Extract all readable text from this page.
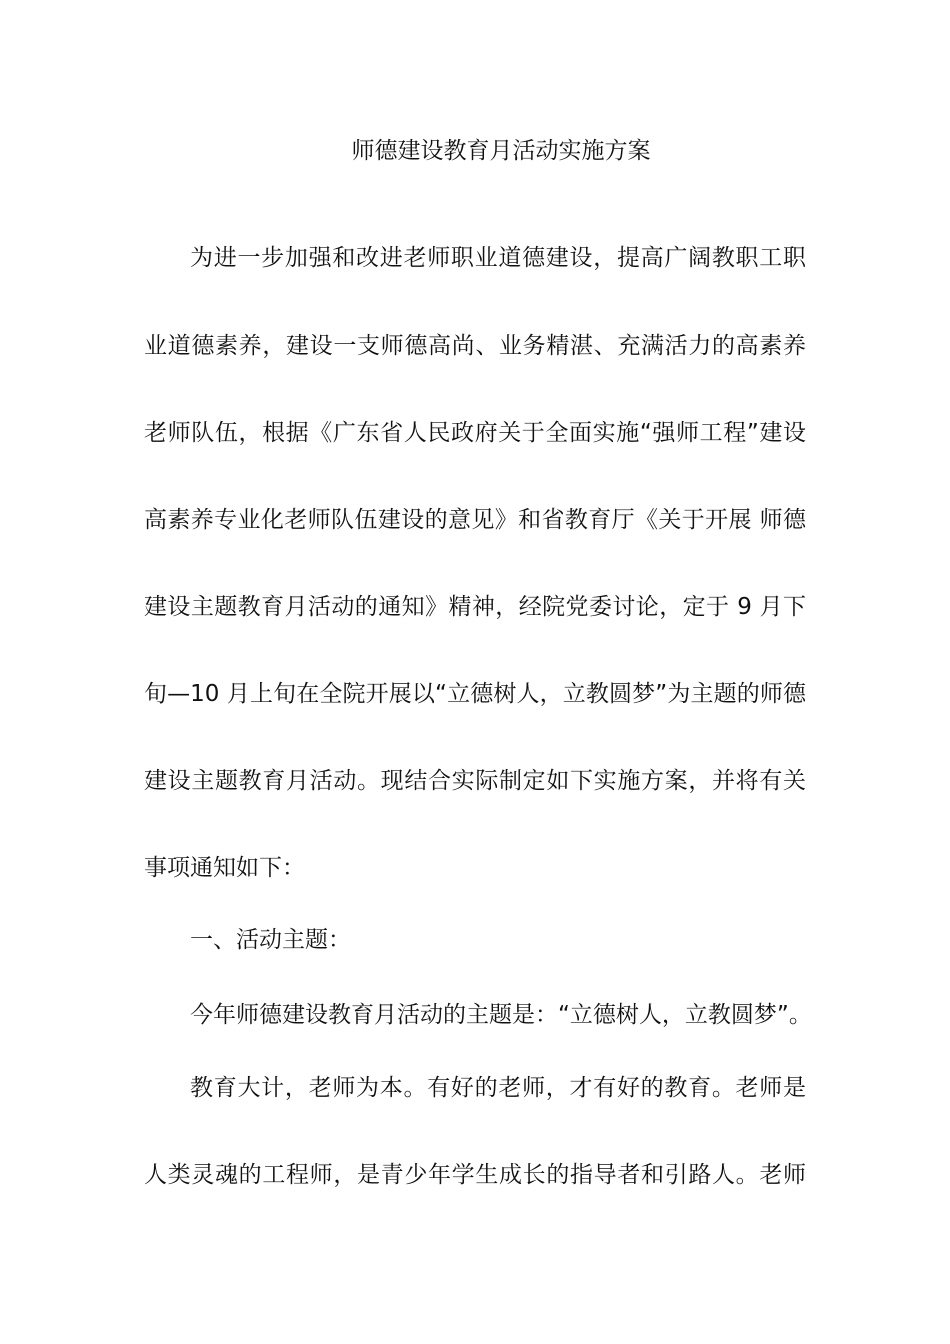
师德建设教育月活动实施方案
为进一步加强和改进老师职业道德建设，提高广阔教职工职
业道德素养，建设一支师德高尚、业务精湛、充满活力的高素养
老师队伍，根据《广东省人民政府关于全面实施“强师工程”建设
高素养专业化老师队伍建设的意见》和省教育厅《关于开展 师德
建设主题教育月活动的通知》精神，经院党委讨论，定于 9 月下
旬—10 月上旬在全院开展以“立德树人，立教圆梦”为主题的师德
建设主题教育月活动。现结合实际制定如下实施方案，并将有关
事项通知如下：
一、活动主题：
今年师德建设教育月活动的主题是：“立德树人，立教圆梦”。
教育大计，老师为本。有好的老师，才有好的教育。老师是
人类灵魂的工程师，是青少年学生成长的指导者和引路人。老师
